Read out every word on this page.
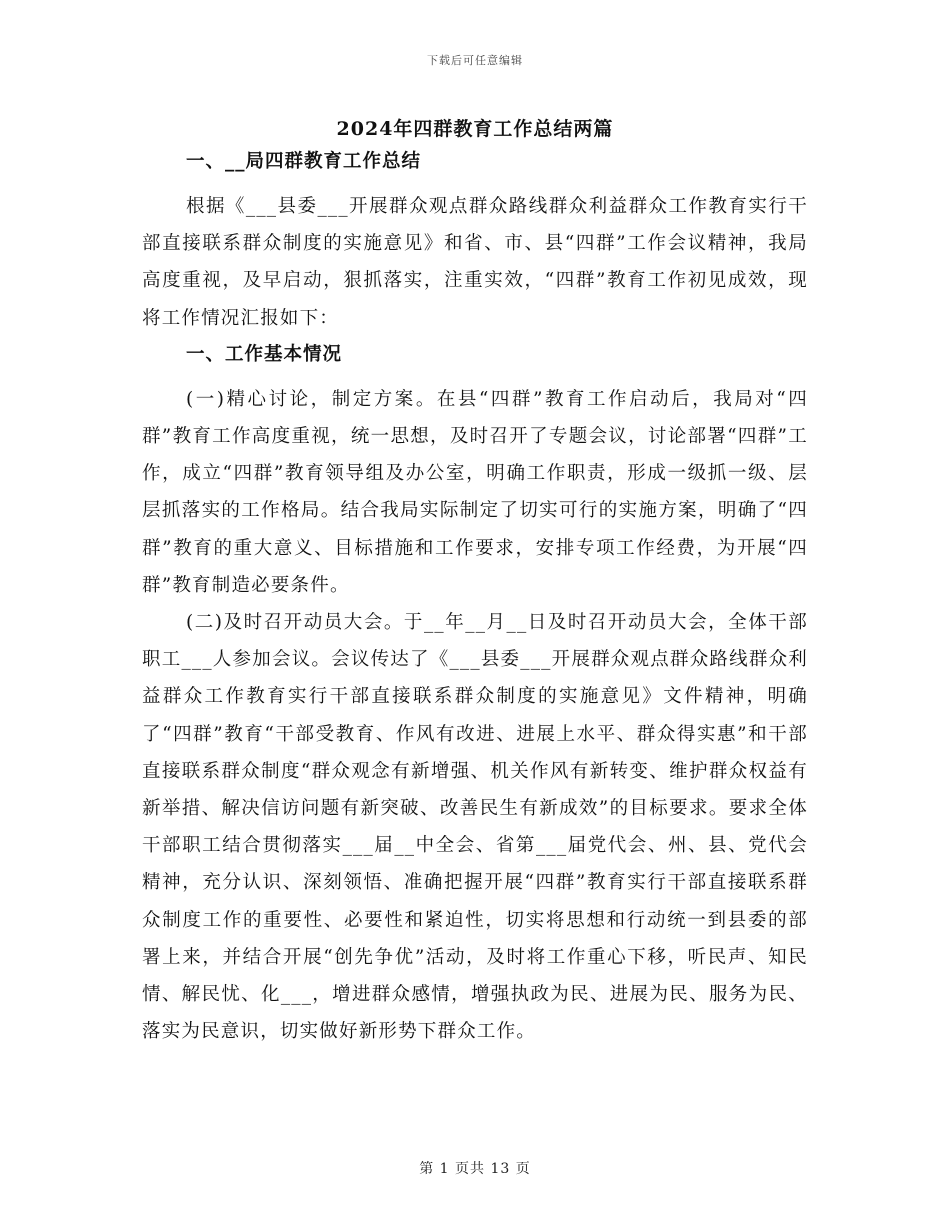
下载后可任意编辑
2024年四群教育工作总结两篇
一、__局四群教育工作总结

根据《___县委___开展群众观点群众路线群众利益群众工作教育实行干部直接联系群众制度的实施意见》和省、市、县“四群”工作会议精神，我局高度重视，及早启动，狠抓落实，注重实效，“四群”教育工作初见成效，现将工作情况汇报如下：

一、工作基本情况

(一)精心讨论，制定方案。在县“四群”教育工作启动后，我局对“四群”教育工作高度重视，统一思想，及时召开了专题会议，讨论部署“四群”工作，成立“四群”教育领导组及办公室，明确工作职责，形成一级抓一级、层层抓落实的工作格局。结合我局实际制定了切实可行的实施方案，明确了“四群”教育的重大意义、目标措施和工作要求，安排专项工作经费，为开展“四群”教育制造必要条件。

(二)及时召开动员大会。于__年__月__日及时召开动员大会，全体干部职工___人参加会议。会议传达了《___县委___开展群众观点群众路线群众利益群众工作教育实行干部直接联系群众制度的实施意见》文件精神，明确了“四群”教育“干部受教育、作风有改进、进展上水平、群众得实惠”和干部直接联系群众制度“群众观念有新增强、机关作风有新转变、维护群众权益有新举措、解决信访问题有新突破、改善民生有新成效”的目标要求。要求全体干部职工结合贯彻落实___届__中全会、省第___届党代会、州、县、党代会精神，充分认识、深刻领悟、准确把握开展“四群”教育实行干部直接联系群众制度工作的重要性、必要性和紧迫性，切实将思想和行动统一到县委的部署上来，并结合开展“创先争优”活动，及时将工作重心下移，听民声、知民情、解民忧、化___，增进群众感情，增强执政为民、进展为民、服务为民、落实为民意识，切实做好新形势下群众工作。

第 1 页共 13 页
